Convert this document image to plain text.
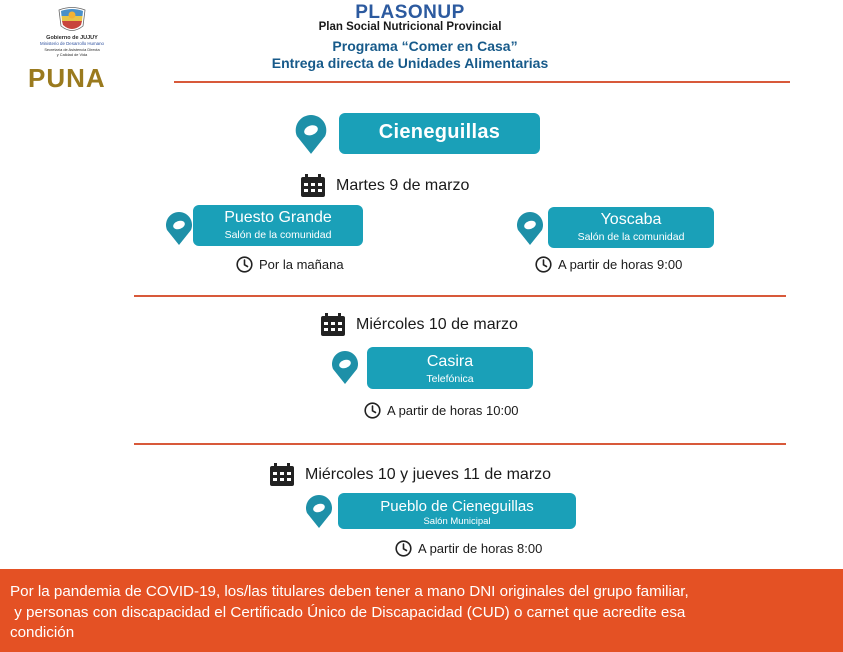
Gobierno de JUJUY
Ministerio de Desarrollo Humano
Secretaría de Asistencia Directa
y Calidad de Vida
PUNA
PLASONUP
Plan Social Nutricional Provincial
Programa “Comer en Casa”
Entrega directa de Unidades Alimentarias
Cieneguillas
Martes 9 de marzo
Puesto Grande
Salón de la comunidad
Por la mañana
Yoscaba
Salón de la comunidad
A partir de horas 9:00
Miércoles 10 de marzo
Casira
Telefónica
A partir de horas 10:00
Miércoles 10 y jueves 11 de marzo
Pueblo de Cieneguillas
Salón Municipal
A partir de horas 8:00
Por la pandemia de COVID-19, los/las titulares deben tener a mano DNI originales del grupo familiar,
y personas con discapacidad el Certificado Único de Discapacidad (CUD) o carnet que acredite esa
condición
